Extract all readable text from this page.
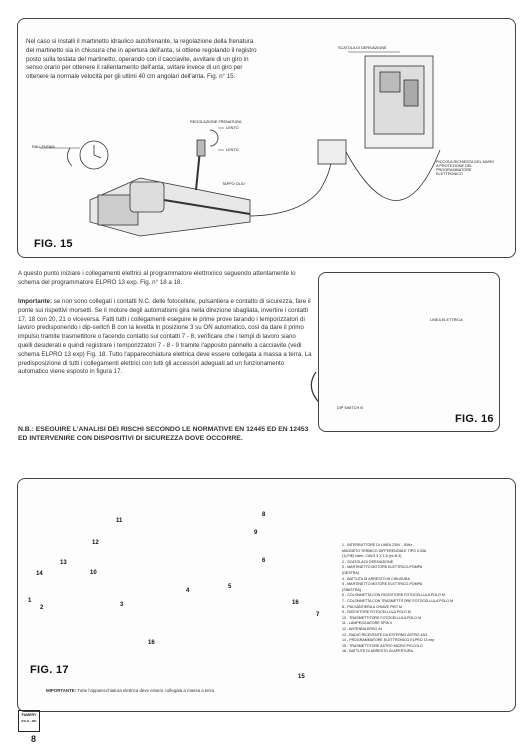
Nel caso si installi il martinetto idraulico autofrenante, la regolazione della frenatura del martinetto sia in chiusura che in apertura dell'anta, si ottiene regolando il registro posto sulla testata del martinetto, operando con il cacciavite, avvitare di un giro in senso orario per ottenere il rallentamento dell'anta, svitare invece di un giro per ottenere la normale velocità per gli ultimi 40 cm angolari dell'anta. Fig. n° 15.

RALLENTAM.
REGOLAZIONE FRENATURA
LENTO
LENTO
TAPPO OLIO
SCATOLA DI DERIVAZIONE
PICCOLA RICHIESTA DEL MURO A PROTEZIONE DEL PROGRAMMATORE ELETTRONICO
FIG. 15

A questo punto iniziare i collegamenti elettrici al programmatore elettronico seguendo attentamente lo schema del programmatore ELPRO 13 exp. Fig. n° 18 a 18.

Importante: se non sono collegati i contatti N.C. delle fotocellule, pulsantiera e contatto di sicurezza, fare il ponte sui rispettivi morsetti. Se il motore degli automatismi gira nella direzione sbagliata, invertire i contatti 17, 18 con 20, 21 o viceversa. Fatti tutti i collegamenti eseguire le prime prove tarando i temporizzatori di lavoro predisponendo i dip-switch B con la levetta in posizione 3 su ON automatico, così da dare il primo impulso tramite trasmettitore o facendo contatto sui contatti 7 - 8, verificare che i tempi di lavoro siano quelli desiderati e quindi registrare i temporizzatori 7 - 8 - 9 tramite l'apposito pannello a cacciavite (vedi schema ELPRO 13 exp) Fig. 18. Tutto l'apparecchiatura elettrica deve essere collegata a massa a terra. La predisposizione di tutti i collegamenti elettrici con tutti gli accessori adeguati ad un funzionamento automatico viene esposto in figura 17.

N.B.: ESEGUIRE L'ANALISI DEI RISCHI SECONDO LE NORMATIVE EN 12445 ED EN 12453 ED INTERVENIRE CON DISPOSITIVI DI SICUREZZA DOVE OCCORRE.

LINEA ELETTRICA
DIP SWITCH B
FIG. 16
1
2	3
4
5
6
7
8
9
10
11
12
13
14
15
16
16
1 - INTERRUTTORE DI LINEA 230V - 50Hz
MAGNETO TERMICO DIFFERENZIALE TIPO 0,03A
(1) PIE) Idem, CAVO 3 X 1,5 (ex fil 3)
2 - SCATOLA DI DERIVAZIONE
3 - MARTINETTO MOTORE ELETTRICO-POMPA
(DESTRA)
4 - BATTUTA DI ARRESTO IN CHIUSURA
5 - MARTINETTO MOTORE ELETTRICO-POMPA
(SINISTRA)
6 - COLONNETTA CON RICEVITORE FOTOCELLULA POLO M
7 - COLONNETTA CON TRASMETTITORE FOTOCELLULA POLO M
8 - PULSANTIERA A CHIAVE PIKT M
9 - RICEVITORE FOTOCELLULA POLO M
10 - TRASMETTITORE FOTOCELLULA POLO M
11 - LAMPEGGIATORE SPIA 4
12 - ANTENNA ERSO 44
13 - RADIO RICEVENTE DA ESTERNO ASTRO 43/1
14 - PROGRAMMATORE ELETTRONICO ELPRO 13 exp
15 - TRASMETTITORE ASTRO MICRO PICCOLO
16 - BATTUTE DI ARRESTO IN APERTURA
FIG. 17

IMPORTANTE: Tutte l'apparecchiatura elettrica deve essere collegata a massa a terra.

FAMERY
ITALIA - SRL
8
